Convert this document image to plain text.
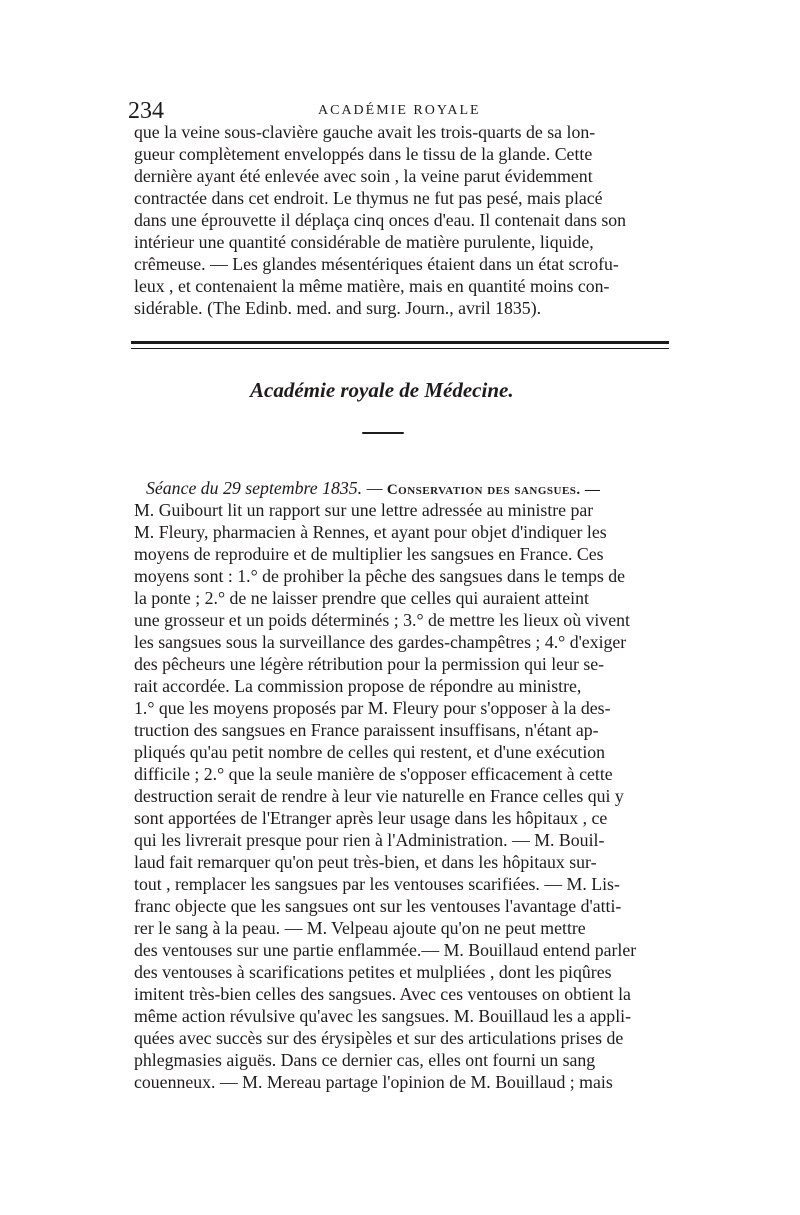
234	ACADÉMIE ROYALE
que la veine sous-clavière gauche avait les trois-quarts de sa lon-
gueur complètement enveloppés dans le tissu de la glande. Cette
dernière ayant été enlevée avec soin , la veine parut évidemment
contractée dans cet endroit. Le thymus ne fut pas pesé, mais placé
dans une éprouvette il déplaça cinq onces d'eau. Il contenait dans son
intérieur une quantité considérable de matière purulente, liquide,
crêmeuse. — Les glandes mésentériques étaient dans un état scrofu-
leux , et contenaient la même matière, mais en quantité moins con-
sidérable. (The Edinb. med. and surg. Journ., avril 1835).
Académie royale de Médecine.
Séance du 29 septembre 1835. — Conservation des sangsues. —
M. Guibourt lit un rapport sur une lettre adressée au ministre par
M. Fleury, pharmacien à Rennes, et ayant pour objet d'indiquer les
moyens de reproduire et de multiplier les sangsues en France. Ces
moyens sont : 1.° de prohiber la pêche des sangsues dans le temps de
la ponte ; 2.° de ne laisser prendre que celles qui auraient atteint
une grosseur et un poids déterminés ; 3.° de mettre les lieux où vivent
les sangsues sous la surveillance des gardes-champêtres ; 4.° d'exiger
des pêcheurs une légère rétribution pour la permission qui leur se-
rait accordée. La commission propose de répondre au ministre,
1.° que les moyens proposés par M. Fleury pour s'opposer à la des-
truction des sangsues en France paraissent insuffisans, n'étant ap-
pliqués qu'au petit nombre de celles qui restent, et d'une exécution
difficile ; 2.° que la seule manière de s'opposer efficacement à cette
destruction serait de rendre à leur vie naturelle en France celles qui y
sont apportées de l'Etranger après leur usage dans les hôpitaux , ce
qui les livrerait presque pour rien à l'Administration. — M. Bouil-
laud fait remarquer qu'on peut très-bien, et dans les hôpitaux sur-
tout , remplacer les sangsues par les ventouses scarifiées. — M. Lis-
franc objecte que les sangsues ont sur les ventouses l'avantage d'atti-
rer le sang à la peau. — M. Velpeau ajoute qu'on ne peut mettre
des ventouses sur une partie enflammée.— M. Bouillaud entend parler
des ventouses à scarifications petites et mulpliées , dont les piqûres
imitent très-bien celles des sangsues. Avec ces ventouses on obtient la
même action révulsive qu'avec les sangsues. M. Bouillaud les a appli-
quées avec succès sur des érysipèles et sur des articulations prises de
phlegmasies aiguës. Dans ce dernier cas, elles ont fourni un sang
couenneux. — M. Mereau partage l'opinion de M. Bouillaud ; mais
